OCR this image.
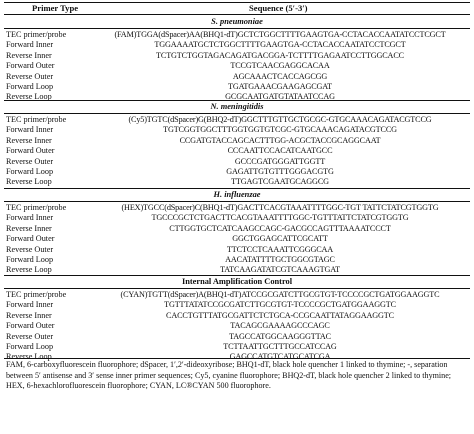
Primer Type	Sequence (5′-3′)
S. pneumoniae
TEC primer/probe	(FAM)TGGA(dSpacer)AA(BHQ1-dT)GCTCTGGCTTTTGAAGTGA-CCTACACCAATATCCTCGCT
Forward Inner	TGGAAAATGCTCTGGCTTTTGAAGTGA-CCTACACCAATATCCTCGCT
Reverse Inner	TCTGTCTGGTAGACAGATGACGGA-TCTTTTGAGAATCCTTGGCACC
Forward Outer	TCCGTCAACGAGGCACAA
Reverse Outer	AGCAAACTCACCAGCGG
Forward Loop	TGATGAAACGAAGAGCGAT
Reverse Loop	GCGCAATGATGTATAATCCAG
N. meningitidis
TEC primer/probe	(Cy5)TGTC(dSpacer)G(BHQ2-dT)GGCTTTGTTGCTGCGC-GTGCAAACAGATACGTCCG
Forward Inner	TGTCGGTGGCTTTGGTGGTGTCGC-GTGCAAACAGATACGTCCG
Reverse Inner	CCGATGTACCAGCACTTTGG-ACGCTACCGCAGGCAAT
Forward Outer	CCCAATTCCACATCAATGCC
Reverse Outer	GCCCGATGGGATTGGTT
Forward Loop	GAGATTGTGTTTGGGACGTG
Reverse Loop	TTGAGTCGAATGCAGGCG
H. influenzae
TEC primer/probe	(HEX)TGCC(dSpacer)C(BHQ1-dT)GACTTCACGTAAATTTTGGC-TGT TATTCTATCGTGGTG
Forward Inner	TGCCCGCTCTGACTTCACGTAAATTTTGGC-TGTTTATTCTATCGTGGTG
Reverse Inner	CTTGGTGCTCATCAAGCCAGC-GACGCCAGTTTAAAATCCCT
Forward Outer	GGCTGGAGCATTCGCATT
Reverse Outer	TTCTCCTCAAATTCGGGCAA
Forward Loop	AACATATTTTGCTGGCGTAGC
Reverse Loop	TATCAAGATATCGTCAAAGTGAT
Internal Amplification Control
TEC primer/probe	(CYAN)TGTT(dSpacer)A(BHQ1-dT)ATCCGCGATCTTGCGTGT-TCCCCGCTGATGGAAGGTC
Forward Inner	TGTTTATATCCGCGATCTTGCGTGT-TCCCCGCTGATGGAAGGTC
Reverse Inner	CACCTGTTTATGCGATTCTCTGCA-CCGCAATTATAGGAAGGTC
Forward Outer	TACAGCGAAAAGCCCAGC
Reverse Outer	TAGCCATGGCAAGGGTTAC
Forward Loop	TCTTAATTGCTTTGCCATCCAG
Reverse Loop	GAGCCATGTCATGCATCGA
FAM, 6-carboxyfluorescein fluorophore; dSpacer, 1′,2′-dideoxyribose; BHQ1-dT, black hole quencher 1 linked to thymine; -, separation between 5′ antisense and 3′ sense inner primer sequences; Cy5, cyanine fluorophore; BHQ2-dT, black hole quencher 2 linked to thymine; HEX, 6-hexachlorofluorescein fluorophore; CYAN, LC®CYAN 500 fluorophore.
